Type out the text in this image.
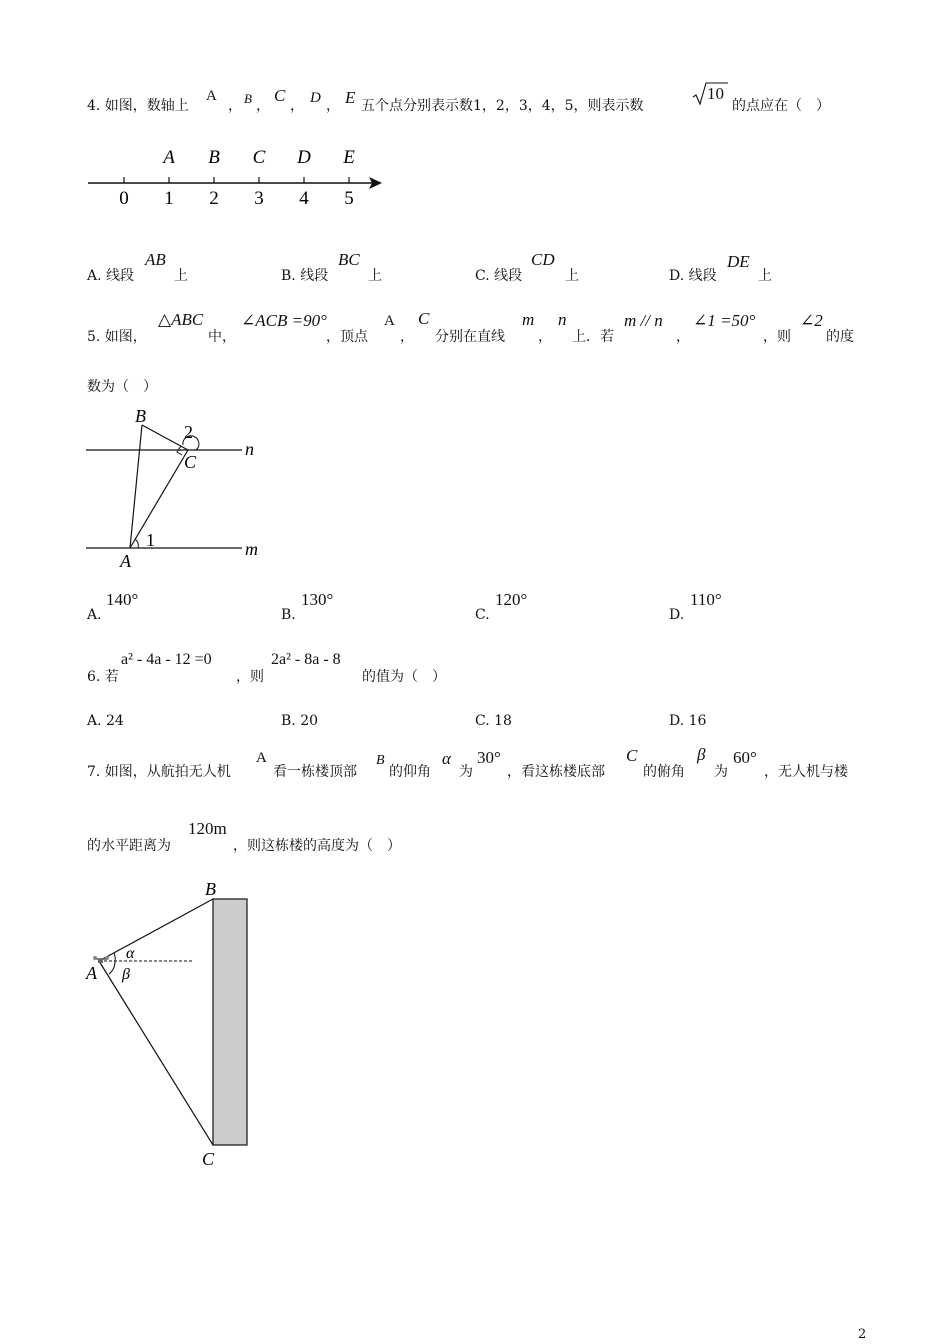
4. 如图，数轴上
A
， B ，
C
， D ， E 五个点分别表示数1，2，3，4，5，则表示数
10
的点应在（　）
0 1 2 3 4 5
A B C D E
A. 线段
AB
上	B. 线段
BC
上	C. 线段
CD
上	D. 线段
DE
上
5. 如图，
△ABC
中，
∠ACB =90°
，顶点
A
，
C
分别在直线
m
，
n
上．若
m // n
，
∠1 =50°
，则
∠2
的度
数为（　）
B
C
2
n
1
A
m
A.
140°
B.
130°
C.
120°
D.
110°
6. 若
a² - 4a - 12 =0
，则
2a² - 8a - 8
的值为（　）
A. 24	B. 20	C. 18	D. 16
7. 如图，从航拍无人机
A
看一栋楼顶部
B
的仰角
α
为
30°
，看这栋楼底部
C
的俯角
β
为
60°
，无人机与楼
的水平距离为
120m
，则这栋楼的高度为（　）
B
A
C
α
β
2
